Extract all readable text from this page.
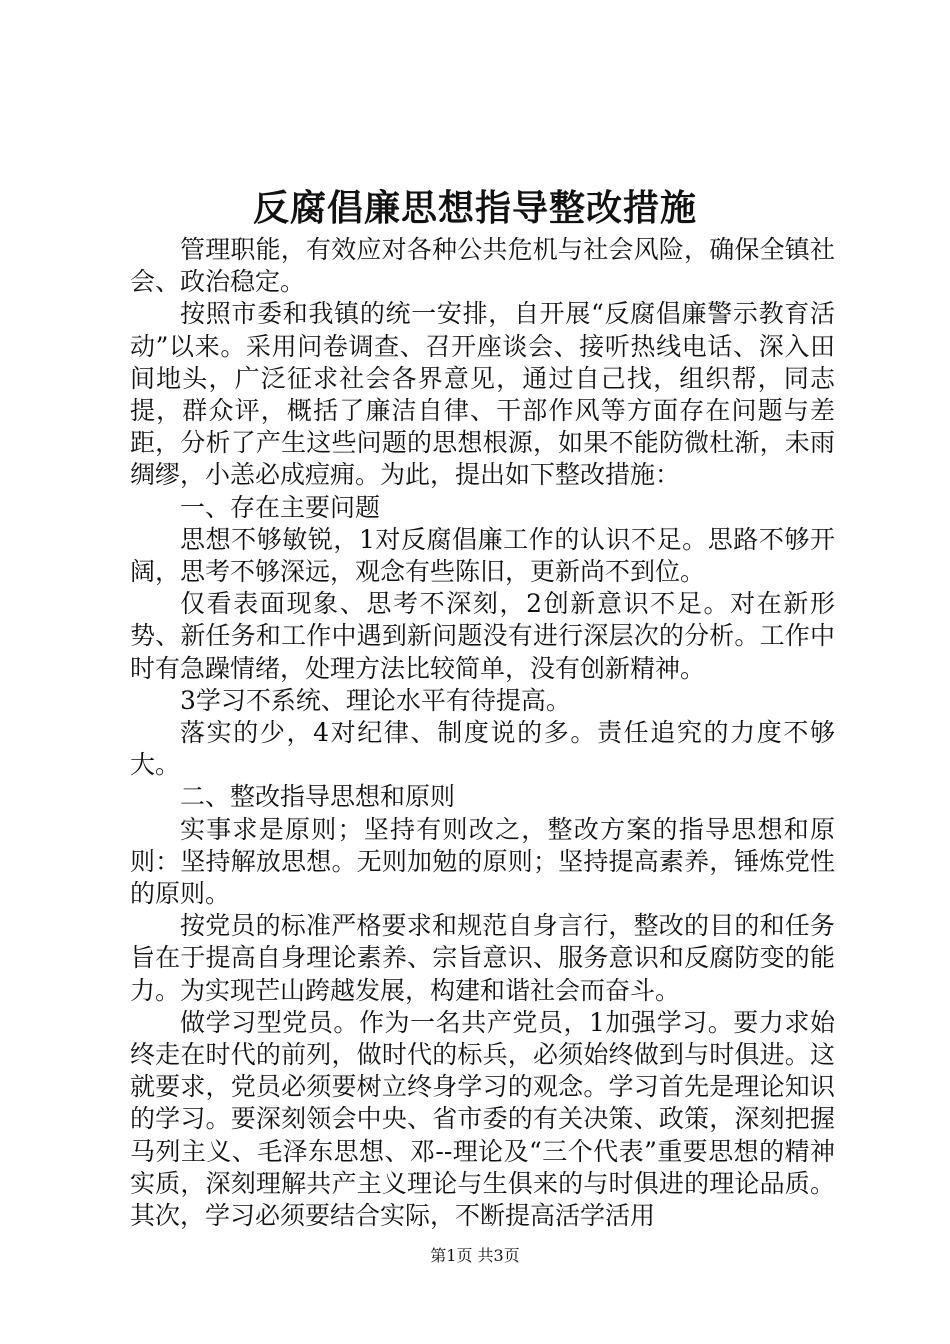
反腐倡廉思想指导整改措施

管理职能，有效应对各种公共危机与社会风险，确保全镇社会、政治稳定。

按照市委和我镇的统一安排，自开展“反腐倡廉警示教育活动”以来。采用问卷调查、召开座谈会、接听热线电话、深入田间地头，广泛征求社会各界意见，通过自己找，组织帮，同志提，群众评，概括了廉洁自律、干部作风等方面存在问题与差距，分析了产生这些问题的思想根源，如果不能防微杜渐，未雨绸缪，小恙必成痘痈。为此，提出如下整改措施：

一、存在主要问题

思想不够敏锐，1对反腐倡廉工作的认识不足。思路不够开阔，思考不够深远，观念有些陈旧，更新尚不到位。

仅看表面现象、思考不深刻，2创新意识不足。对在新形势、新任务和工作中遇到新问题没有进行深层次的分析。工作中时有急躁情绪，处理方法比较简单，没有创新精神。

3学习不系统、理论水平有待提高。

落实的少，4对纪律、制度说的多。责任追究的力度不够大。

二、整改指导思想和原则

实事求是原则；坚持有则改之，整改方案的指导思想和原则：坚持解放思想。无则加勉的原则；坚持提高素养，锤炼党性的原则。

按党员的标准严格要求和规范自身言行，整改的目的和任务旨在于提高自身理论素养、宗旨意识、服务意识和反腐防变的能力。为实现芒山跨越发展，构建和谐社会而奋斗。

做学习型党员。作为一名共产党员，1加强学习。要力求始终走在时代的前列，做时代的标兵，必须始终做到与时俱进。这就要求，党员必须要树立终身学习的观念。学习首先是理论知识的学习。要深刻领会中央、省市委的有关决策、政策，深刻把握马列主义、毛泽东思想、邓--理论及“三个代表”重要思想的精神实质，深刻理解共产主义理论与生俱来的与时俱进的理论品质。其次，学习必须要结合实际，不断提高活学活用

第1页 共3页
